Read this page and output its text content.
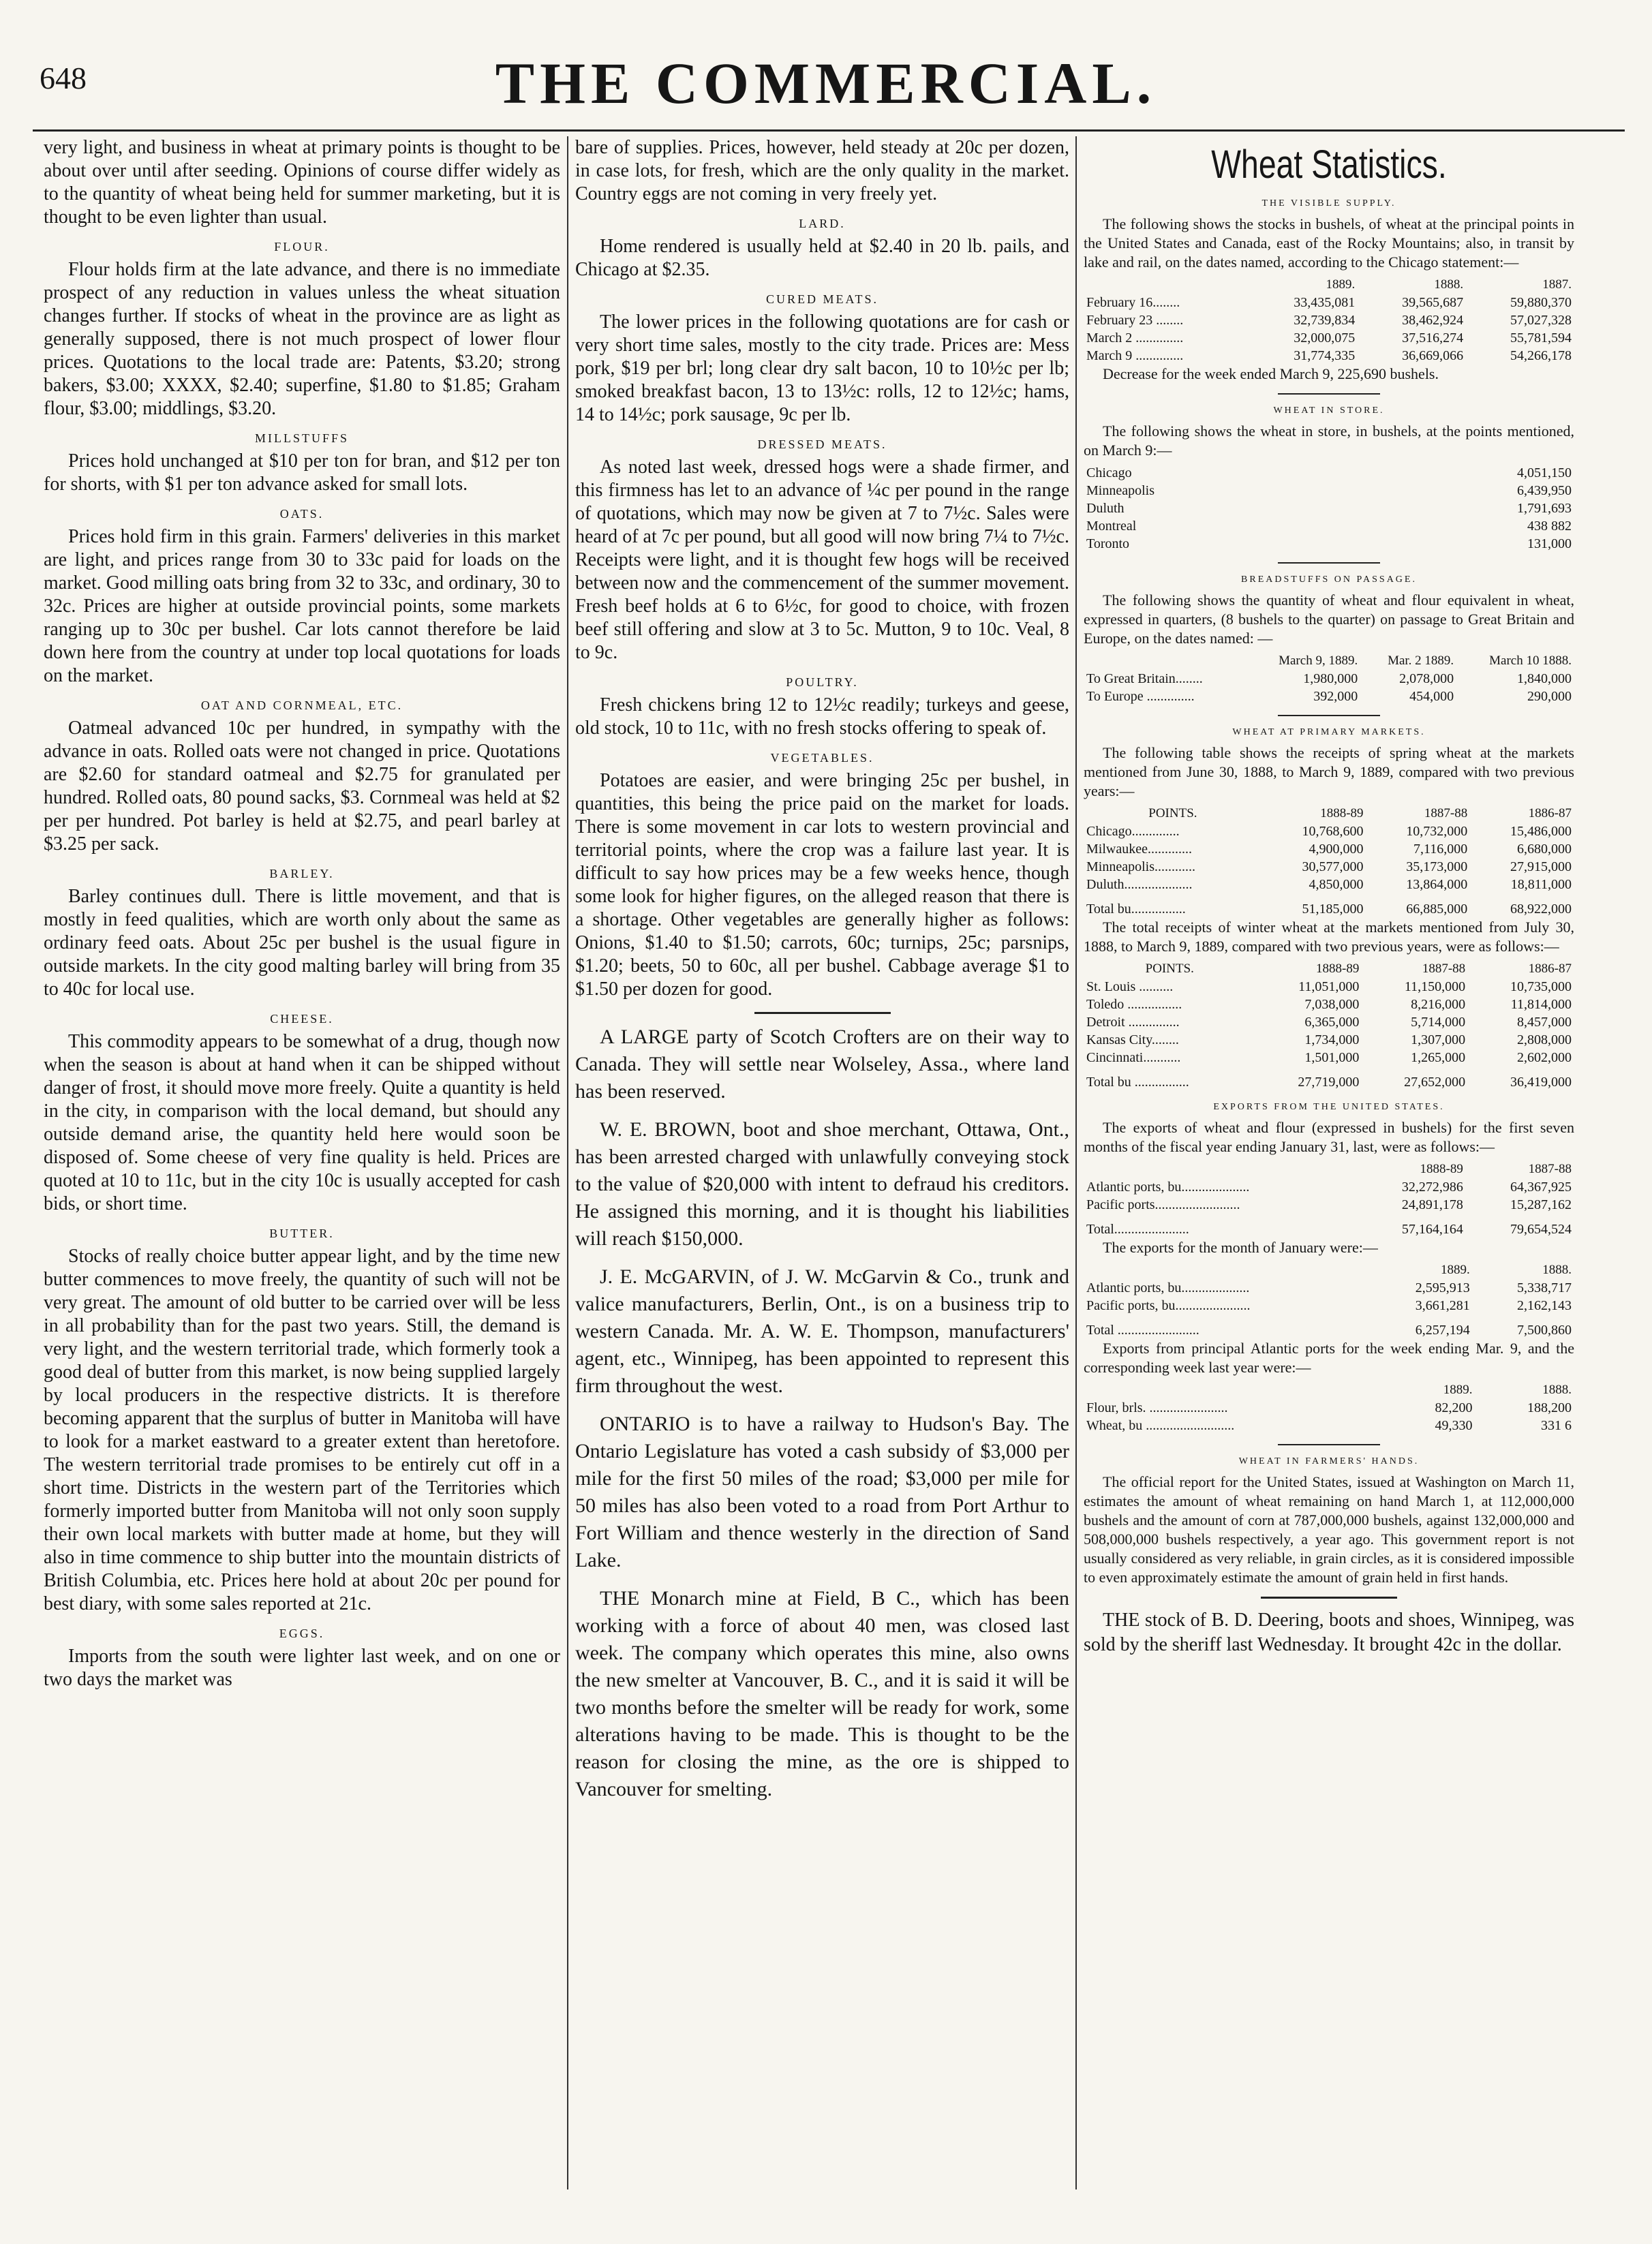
648	THE COMMERCIAL.

very light, and business in wheat at primary points is thought to be about over until after seeding. Opinions of course differ widely as to the quantity of wheat being held for summer marketing, but it is thought to be even lighter than usual.

FLOUR.

Flour holds firm at the late advance, and there is no immediate prospect of any reduction in values unless the wheat situation changes further. If stocks of wheat in the province are as light as generally supposed, there is not much prospect of lower flour prices. Quotations to the local trade are: Patents, $3.20; strong bakers, $3.00; XXXX, $2.40; superfine, $1.80 to $1.85; Graham flour, $3.00; middlings, $3.20.

MILLSTUFFS

Prices hold unchanged at $10 per ton for bran, and $12 per ton for shorts, with $1 per ton advance asked for small lots.

OATS.

Prices hold firm in this grain. Farmers' deliveries in this market are light, and prices range from 30 to 33c paid for loads on the market. Good milling oats bring from 32 to 33c, and ordinary, 30 to 32c. Prices are higher at outside provincial points, some markets ranging up to 30c per bushel. Car lots cannot therefore be laid down here from the country at under top local quotations for loads on the market.

OAT AND CORNMEAL, ETC.

Oatmeal advanced 10c per hundred, in sympathy with the advance in oats. Rolled oats were not changed in price. Quotations are $2.60 for standard oatmeal and $2.75 for granulated per hundred. Rolled oats, 80 pound sacks, $3. Cornmeal was held at $2 per per hundred. Pot barley is held at $2.75, and pearl barley at $3.25 per sack.

BARLEY.

Barley continues dull. There is little movement, and that is mostly in feed qualities, which are worth only about the same as ordinary feed oats. About 25c per bushel is the usual figure in outside markets. In the city good malting barley will bring from 35 to 40c for local use.

CHEESE.

This commodity appears to be somewhat of a drug, though now when the season is about at hand when it can be shipped without danger of frost, it should move more freely. Quite a quantity is held in the city, in comparison with the local demand, but should any outside demand arise, the quantity held here would soon be disposed of. Some cheese of very fine quality is held. Prices are quoted at 10 to 11c, but in the city 10c is usually accepted for cash bids, or short time.

BUTTER.

Stocks of really choice butter appear light, and by the time new butter commences to move freely, the quantity of such will not be very great. The amount of old butter to be carried over will be less in all probability than for the past two years. Still, the demand is very light, and the western territorial trade, which formerly took a good deal of butter from this market, is now being supplied largely by local producers in the respective districts. It is therefore becoming apparent that the surplus of butter in Manitoba will have to look for a market eastward to a greater extent than heretofore. The western territorial trade promises to be entirely cut off in a short time. Districts in the western part of the Territories which formerly imported butter from Manitoba will not only soon supply their own local markets with butter made at home, but they will also in time commence to ship butter into the mountain districts of British Columbia, etc. Prices here hold at about 20c per pound for best diary, with some sales reported at 21c.

EGGS.

Imports from the south were lighter last week, and on one or two days the market was

bare of supplies. Prices, however, held steady at 20c per dozen, in case lots, for fresh, which are the only quality in the market. Country eggs are not coming in very freely yet.

LARD.

Home rendered is usually held at $2.40 in 20 lb. pails, and Chicago at $2.35.

CURED MEATS.

The lower prices in the following quotations are for cash or very short time sales, mostly to the city trade. Prices are: Mess pork, $19 per brl; long clear dry salt bacon, 10 to 10½c per lb; smoked breakfast bacon, 13 to 13½c: rolls, 12 to 12½c; hams, 14 to 14½c; pork sausage, 9c per lb.

DRESSED MEATS.

As noted last week, dressed hogs were a shade firmer, and this firmness has let to an advance of ¼c per pound in the range of quotations, which may now be given at 7 to 7½c. Sales were heard of at 7c per pound, but all good will now bring 7¼ to 7½c. Receipts were light, and it is thought few hogs will be received between now and the commencement of the summer movement. Fresh beef holds at 6 to 6½c, for good to choice, with frozen beef still offering and slow at 3 to 5c. Mutton, 9 to 10c. Veal, 8 to 9c.

POULTRY.

Fresh chickens bring 12 to 12½c readily; turkeys and geese, old stock, 10 to 11c, with no fresh stocks offering to speak of.

VEGETABLES.

Potatoes are easier, and were bringing 25c per bushel, in quantities, this being the price paid on the market for loads. There is some movement in car lots to western provincial and territorial points, where the crop was a failure last year. It is difficult to say how prices may be a few weeks hence, though some look for higher figures, on the alleged reason that there is a shortage. Other vegetables are generally higher as follows: Onions, $1.40 to $1.50; carrots, 60c; turnips, 25c; parsnips, $1.20; beets, 50 to 60c, all per bushel. Cabbage average $1 to $1.50 per dozen for good.

A LARGE party of Scotch Crofters are on their way to Canada. They will settle near Wolseley, Assa., where land has been reserved.

W. E. BROWN, boot and shoe merchant, Ottawa, Ont., has been arrested charged with unlawfully conveying stock to the value of $20,000 with intent to defraud his creditors. He assigned this morning, and it is thought his liabilities will reach $150,000.

J. E. McGARVIN, of J. W. McGarvin & Co., trunk and valice manufacturers, Berlin, Ont., is on a business trip to western Canada. Mr. A. W. E. Thompson, manufacturers' agent, etc., Winnipeg, has been appointed to represent this firm throughout the west.

ONTARIO is to have a railway to Hudson's Bay. The Ontario Legislature has voted a cash subsidy of $3,000 per mile for the first 50 miles of the road; $3,000 per mile for 50 miles has also been voted to a road from Port Arthur to Fort William and thence westerly in the direction of Sand Lake.

THE Monarch mine at Field, B C., which has been working with a force of about 40 men, was closed last week. The company which operates this mine, also owns the new smelter at Vancouver, B. C., and it is said it will be two months before the smelter will be ready for work, some alterations having to be made. This is thought to be the reason for closing the mine, as the ore is shipped to Vancouver for smelting.

Wheat Statistics.
THE VISIBLE SUPPLY.

The following shows the stocks in bushels, of wheat at the principal points in the United States and Canada, east of the Rocky Mountains; also, in transit by lake and rail, on the dates named, according to the Chicago statement:—

	1889.	1888.	1887.
February 16........	33,435,081	39,565,687	59,880,370
February 23 ........	32,739,834	38,462,924	57,027,328
March 2 ..............	32,000,075	37,516,274	55,781,594
March 9 ..............	31,774,335	36,669,066	54,266,178

Decrease for the week ended March 9, 225,690 bushels.

WHEAT IN STORE.

The following shows the wheat in store, in bushels, at the points mentioned, on March 9:—

Chicago	4,051,150
Minneapolis	6,439,950
Duluth	1,791,693
Montreal	438 882
Toronto	131,000
BREADSTUFFS ON PASSAGE.

The following shows the quantity of wheat and flour equivalent in wheat, expressed in quarters, (8 bushels to the quarter) on passage to Great Britain and Europe, on the dates named: —

	March 9, 1889.	Mar. 2 1889.	March 10 1888.
To Great Britain........	1,980,000	2,078,000	1,840,000
To Europe ..............	392,000	454,000	290,000
WHEAT AT PRIMARY MARKETS.

The following table shows the receipts of spring wheat at the markets mentioned from June 30, 1888, to March 9, 1889, compared with two previous years:—

POINTS.	1888-89	1887-88	1886-87
Chicago..............	10,768,600	10,732,000	15,486,000
Milwaukee.............	4,900,000	7,116,000	6,680,000
Minneapolis............	30,577,000	35,173,000	27,915,000
Duluth....................	4,850,000	13,864,000	18,811,000
Total bu................	51,185,000	66,885,000	68,922,000

The total receipts of winter wheat at the markets mentioned from July 30, 1888, to March 9, 1889, compared with two previous years, were as follows:—

POINTS.	1888-89	1887-88	1886-87
St. Louis ..........	11,051,000	11,150,000	10,735,000
Toledo ................	7,038,000	8,216,000	11,814,000
Detroit ...............	6,365,000	5,714,000	8,457,000
Kansas City........	1,734,000	1,307,000	2,808,000
Cincinnati...........	1,501,000	1,265,000	2,602,000
Total bu ................	27,719,000	27,652,000	36,419,000
EXPORTS FROM THE UNITED STATES.

The exports of wheat and flour (expressed in bushels) for the first seven months of the fiscal year ending January 31, last, were as follows:—

	1888-89	1887-88
Atlantic ports, bu....................	32,272,986	64,367,925
Pacific ports.........................	24,891,178	15,287,162
Total......................	57,164,164	79,654,524

The exports for the month of January were:—

	1889.	1888.
Atlantic ports, bu....................	2,595,913	5,338,717
Pacific ports, bu......................	3,661,281	2,162,143
Total ........................	6,257,194	7,500,860

Exports from principal Atlantic ports for the week ending Mar. 9, and the corresponding week last year were:—

	1889.	1888.
Flour, brls. .......................	82,200	188,200
Wheat, bu ..........................	49,330	331 6
WHEAT IN FARMERS' HANDS.

The official report for the United States, issued at Washington on March 11, estimates the amount of wheat remaining on hand March 1, at 112,000,000 bushels and the amount of corn at 787,000,000 bushels, against 132,000,000 and 508,000,000 bushels respectively, a year ago. This government report is not usually considered as very reliable, in grain circles, as it is considered impossible to even approximately estimate the amount of grain held in first hands.

THE stock of B. D. Deering, boots and shoes, Winnipeg, was sold by the sheriff last Wednesday. It brought 42c in the dollar.
